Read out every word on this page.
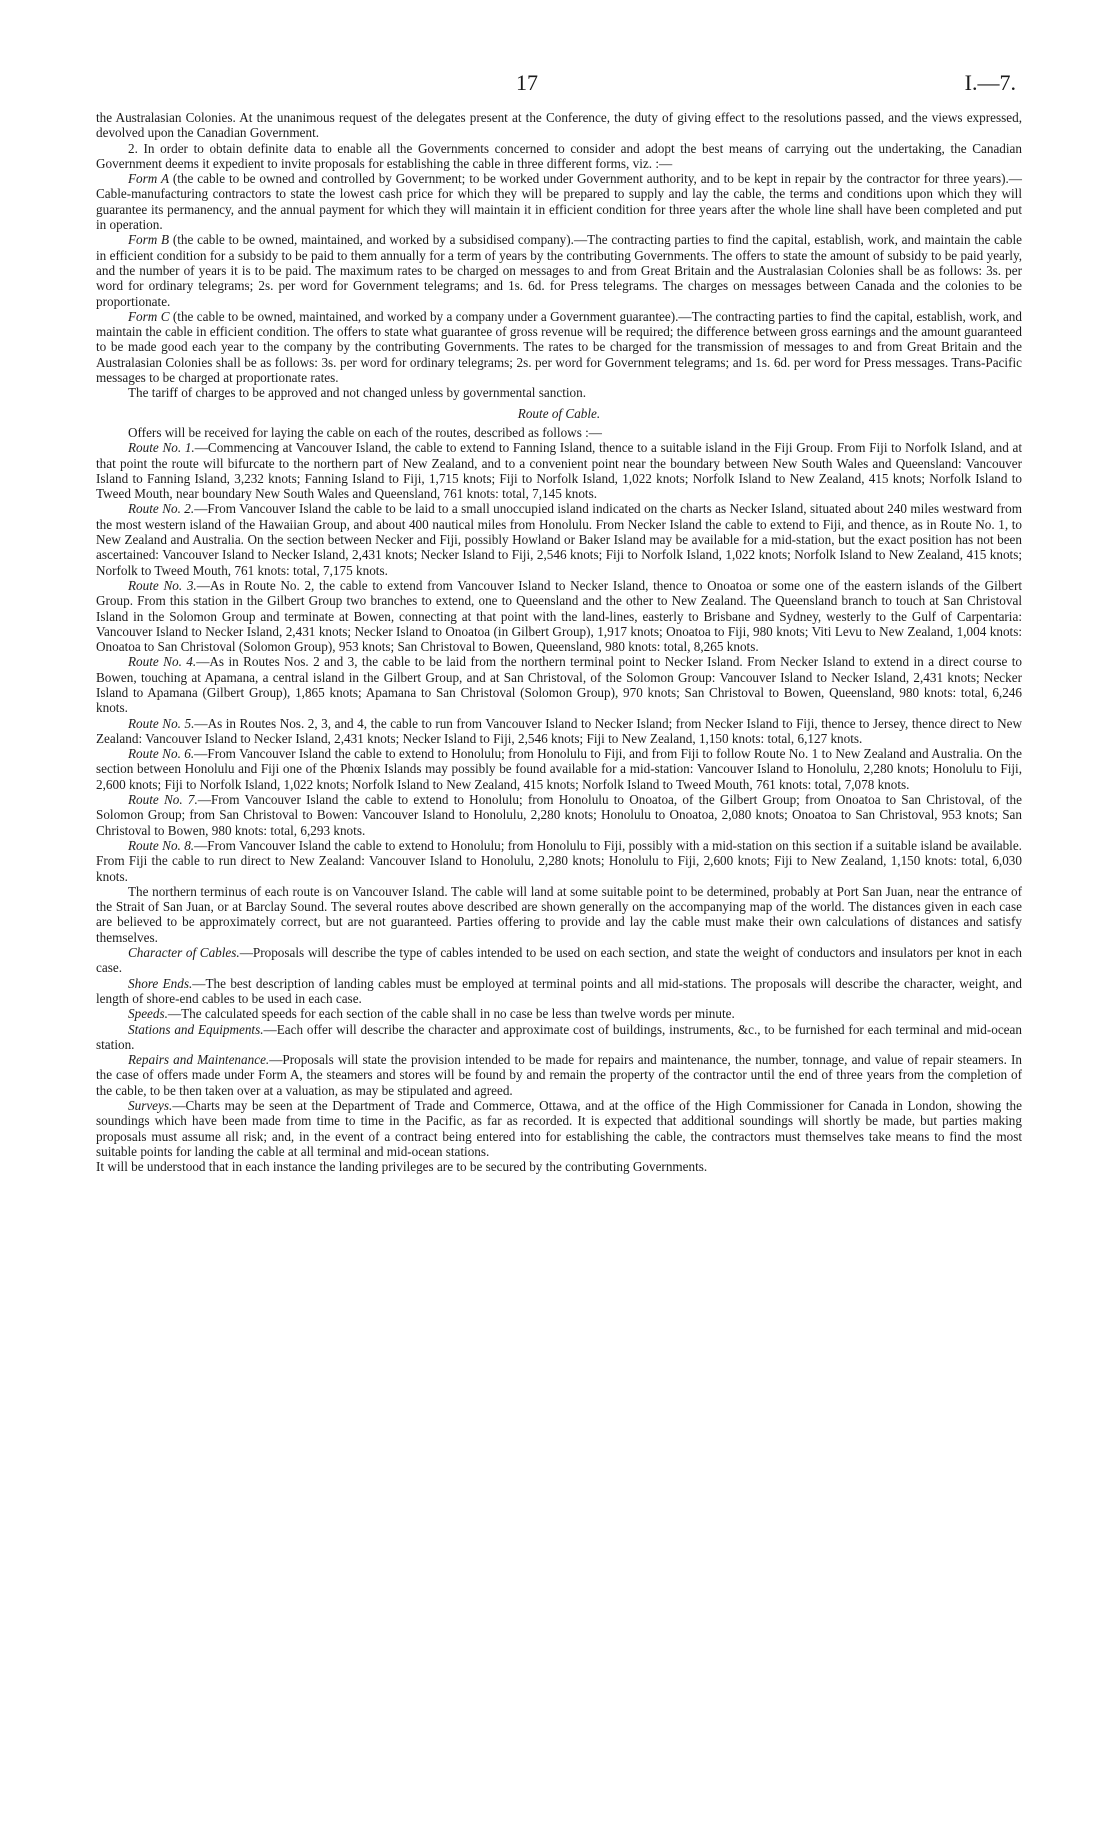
17	I.—7.

the Australasian Colonies. At the unanimous request of the delegates present at the Conference, the duty of giving effect to the resolutions passed, and the views expressed, devolved upon the Canadian Government.

2. In order to obtain definite data to enable all the Governments concerned to consider and adopt the best means of carrying out the undertaking, the Canadian Government deems it expedient to invite proposals for establishing the cable in three different forms, viz. :—

Form A (the cable to be owned and controlled by Government; to be worked under Government authority, and to be kept in repair by the contractor for three years).—Cable-manufacturing contractors to state the lowest cash price for which they will be prepared to supply and lay the cable, the terms and conditions upon which they will guarantee its permanency, and the annual payment for which they will maintain it in efficient condition for three years after the whole line shall have been completed and put in operation.

Form B (the cable to be owned, maintained, and worked by a subsidised company).—The contracting parties to find the capital, establish, work, and maintain the cable in efficient condition for a subsidy to be paid to them annually for a term of years by the contributing Governments. The offers to state the amount of subsidy to be paid yearly, and the number of years it is to be paid. The maximum rates to be charged on messages to and from Great Britain and the Australasian Colonies shall be as follows: 3s. per word for ordinary telegrams; 2s. per word for Government telegrams; and 1s. 6d. for Press telegrams. The charges on messages between Canada and the colonies to be proportionate.

Form C (the cable to be owned, maintained, and worked by a company under a Government guarantee).—The contracting parties to find the capital, establish, work, and maintain the cable in efficient condition. The offers to state what guarantee of gross revenue will be required; the difference between gross earnings and the amount guaranteed to be made good each year to the company by the contributing Governments. The rates to be charged for the transmission of messages to and from Great Britain and the Australasian Colonies shall be as follows: 3s. per word for ordinary telegrams; 2s. per word for Government telegrams; and 1s. 6d. per word for Press messages. Trans-Pacific messages to be charged at proportionate rates.

The tariff of charges to be approved and not changed unless by governmental sanction.

Route of Cable.

Offers will be received for laying the cable on each of the routes, described as follows :—

Route No. 1.—Commencing at Vancouver Island, the cable to extend to Fanning Island, thence to a suitable island in the Fiji Group. From Fiji to Norfolk Island, and at that point the route will bifurcate to the northern part of New Zealand, and to a convenient point near the boundary between New South Wales and Queensland: Vancouver Island to Fanning Island, 3,232 knots; Fanning Island to Fiji, 1,715 knots; Fiji to Norfolk Island, 1,022 knots; Norfolk Island to New Zealand, 415 knots; Norfolk Island to Tweed Mouth, near boundary New South Wales and Queensland, 761 knots: total, 7,145 knots.

Route No. 2.—From Vancouver Island the cable to be laid to a small unoccupied island indicated on the charts as Necker Island, situated about 240 miles westward from the most western island of the Hawaiian Group, and about 400 nautical miles from Honolulu. From Necker Island the cable to extend to Fiji, and thence, as in Route No. 1, to New Zealand and Australia. On the section between Necker and Fiji, possibly Howland or Baker Island may be available for a mid-station, but the exact position has not been ascertained: Vancouver Island to Necker Island, 2,431 knots; Necker Island to Fiji, 2,546 knots; Fiji to Norfolk Island, 1,022 knots; Norfolk Island to New Zealand, 415 knots; Norfolk to Tweed Mouth, 761 knots: total, 7,175 knots.

Route No. 3.—As in Route No. 2, the cable to extend from Vancouver Island to Necker Island, thence to Onoatoa or some one of the eastern islands of the Gilbert Group. From this station in the Gilbert Group two branches to extend, one to Queensland and the other to New Zealand. The Queensland branch to touch at San Christoval Island in the Solomon Group and terminate at Bowen, connecting at that point with the land-lines, easterly to Brisbane and Sydney, westerly to the Gulf of Carpentaria: Vancouver Island to Necker Island, 2,431 knots; Necker Island to Onoatoa (in Gilbert Group), 1,917 knots; Onoatoa to Fiji, 980 knots; Viti Levu to New Zealand, 1,004 knots: Onoatoa to San Christoval (Solomon Group), 953 knots; San Christoval to Bowen, Queensland, 980 knots: total, 8,265 knots.

Route No. 4.—As in Routes Nos. 2 and 3, the cable to be laid from the northern terminal point to Necker Island. From Necker Island to extend in a direct course to Bowen, touching at Apamana, a central island in the Gilbert Group, and at San Christoval, of the Solomon Group: Vancouver Island to Necker Island, 2,431 knots; Necker Island to Apamana (Gilbert Group), 1,865 knots; Apamana to San Christoval (Solomon Group), 970 knots; San Christoval to Bowen, Queensland, 980 knots: total, 6,246 knots.

Route No. 5.—As in Routes Nos. 2, 3, and 4, the cable to run from Vancouver Island to Necker Island; from Necker Island to Fiji, thence to Jersey, thence direct to New Zealand: Vancouver Island to Necker Island, 2,431 knots; Necker Island to Fiji, 2,546 knots; Fiji to New Zealand, 1,150 knots: total, 6,127 knots.

Route No. 6.—From Vancouver Island the cable to extend to Honolulu; from Honolulu to Fiji, and from Fiji to follow Route No. 1 to New Zealand and Australia. On the section between Honolulu and Fiji one of the Phœnix Islands may possibly be found available for a mid-station: Vancouver Island to Honolulu, 2,280 knots; Honolulu to Fiji, 2,600 knots; Fiji to Norfolk Island, 1,022 knots; Norfolk Island to New Zealand, 415 knots; Norfolk Island to Tweed Mouth, 761 knots: total, 7,078 knots.

Route No. 7.—From Vancouver Island the cable to extend to Honolulu; from Honolulu to Onoatoa, of the Gilbert Group; from Onoatoa to San Christoval, of the Solomon Group; from San Christoval to Bowen: Vancouver Island to Honolulu, 2,280 knots; Honolulu to Onoatoa, 2,080 knots; Onoatoa to San Christoval, 953 knots; San Christoval to Bowen, 980 knots: total, 6,293 knots.

Route No. 8.—From Vancouver Island the cable to extend to Honolulu; from Honolulu to Fiji, possibly with a mid-station on this section if a suitable island be available. From Fiji the cable to run direct to New Zealand: Vancouver Island to Honolulu, 2,280 knots; Honolulu to Fiji, 2,600 knots; Fiji to New Zealand, 1,150 knots: total, 6,030 knots.

The northern terminus of each route is on Vancouver Island. The cable will land at some suitable point to be determined, probably at Port San Juan, near the entrance of the Strait of San Juan, or at Barclay Sound. The several routes above described are shown generally on the accompanying map of the world. The distances given in each case are believed to be approximately correct, but are not guaranteed. Parties offering to provide and lay the cable must make their own calculations of distances and satisfy themselves.

Character of Cables.—Proposals will describe the type of cables intended to be used on each section, and state the weight of conductors and insulators per knot in each case.

Shore Ends.—The best description of landing cables must be employed at terminal points and all mid-stations. The proposals will describe the character, weight, and length of shore-end cables to be used in each case.

Speeds.—The calculated speeds for each section of the cable shall in no case be less than twelve words per minute.

Stations and Equipments.—Each offer will describe the character and approximate cost of buildings, instruments, &c., to be furnished for each terminal and mid-ocean station.

Repairs and Maintenance.—Proposals will state the provision intended to be made for repairs and maintenance, the number, tonnage, and value of repair steamers. In the case of offers made under Form A, the steamers and stores will be found by and remain the property of the contractor until the end of three years from the completion of the cable, to be then taken over at a valuation, as may be stipulated and agreed.

Surveys.—Charts may be seen at the Department of Trade and Commerce, Ottawa, and at the office of the High Commissioner for Canada in London, showing the soundings which have been made from time to time in the Pacific, as far as recorded. It is expected that additional soundings will shortly be made, but parties making proposals must assume all risk; and, in the event of a contract being entered into for establishing the cable, the contractors must themselves take means to find the most suitable points for landing the cable at all terminal and mid-ocean stations.

It will be understood that in each instance the landing privileges are to be secured by the contributing Governments.
